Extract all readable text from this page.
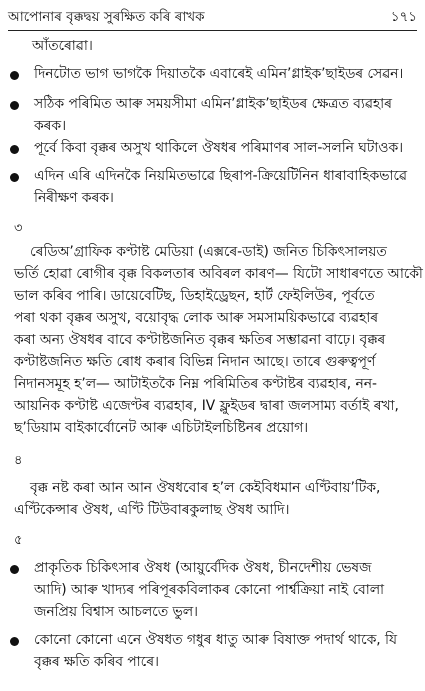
আপোনাৰ বৃক্কদ্বয় সুৰক্ষিত কৰি ৰাখক	১৭১
আঁতৰোৱা।
দিনটোত ভাগ ভাগকৈ দিয়াতকৈ এবাৰেই এমিন’গ্লাইক’ছাইডৰ সেৱন।
সঠিক পৰিমিত আৰু সময়সীমা এমিন’গ্লাইক’ছাইডৰ ক্ষেত্ৰত ব্যৱহাৰ
কৰক।
পূৰ্বে কিবা বৃক্কৰ অসুখ থাকিলে ঔষধৰ পৰিমাণৰ সাল-সলনি ঘটাওক।
এদিন এৰি এদিনকৈ নিয়মিতভাৱে ছিৰাপ-ক্ৰিয়েটিনিন ধাৰাবাহিকভাৱে
নিৰীক্ষণ কৰক।
৩
ৰেডিঅ’গ্ৰাফিক কণ্টাষ্ট মেডিয়া (এক্সৰে-ডাই) জনিত চিকিৎসালয়ত
ভৰ্তি হোৱা ৰোগীৰ বৃক্ক বিকলতাৰ অবিৰল কাৰণ— যিটো সাধাৰণতে আকৌ
ভাল কৰিব পাৰি। ডায়েবেটিছ, ডিহাইড্ৰেছন, হাৰ্ট ফেইলিউৰ, পূৰ্বতে
পৰা থকা বৃক্কৰ অসুখ, বয়োবৃদ্ধ লোক আৰু সমসাময়িকভাৱে ব্যৱহাৰ
কৰা অন্য ঔষধৰ বাবে কণ্টাষ্টজনিত বৃক্কৰ ক্ষতিৰ সম্ভাৱনা বাঢ়ে। বৃক্কৰ
কণ্টাষ্টজনিত ক্ষতি ৰোধ কৰাৰ বিভিন্ন নিদান আছে। তাৰে গুৰুত্বপূৰ্ণ
নিদানসমূহ হ’ল— আটাইতকৈ নিম্ন পৰিমিতিৰ কণ্টাষ্টৰ ব্যৱহাৰ, নন-
আয়নিক কণ্টাষ্ট এজেণ্টৰ ব্যৱহাৰ, IV ফ্লুইডৰ দ্বাৰা জলসাম্য বৰ্তাই ৰখা,
ছ’ডিয়াম বাইকাৰ্বোনেট আৰু এচিটাইলচিষ্টিনৰ প্ৰয়োগ।
৪
বৃক্ক নষ্ট কৰা আন আন ঔষধবোৰ হ’ল কেইবিধমান এণ্টিবায়’টিক,
এণ্টিকেন্সাৰ ঔষধ, এণ্টি টিউবাৰকুলাছ ঔষধ আদি।
৫
প্ৰাকৃতিক চিকিৎসাৰ ঔষধ (আয়ুৰ্বেদিক ঔষধ, চীনদেশীয় ভেষজ
আদি) আৰু খাদ্যৰ পৰিপূৰকবিলাকৰ কোনো পাৰ্শ্বক্ৰিয়া নাই বোলা
জনপ্ৰিয় বিশ্বাস আচলতে ভুল।
কোনো কোনো এনে ঔষধত গধুৰ ধাতু আৰু বিষাক্ত পদাৰ্থ থাকে, যি
বৃক্কৰ ক্ষতি কৰিব পাৰে।
